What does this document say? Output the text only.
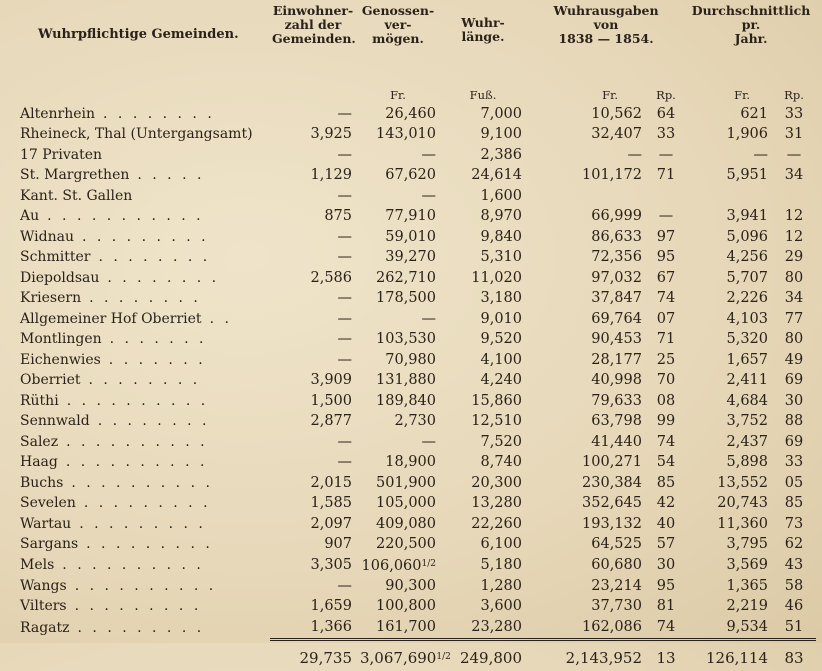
Wuhrpflichtige Gemeinden.	Einwohner-
zahl der
Gemeinden.	Genossen-
ver-
mögen.	Wuhr-
länge.	Wuhrausgaben
von
1838 — 1854.		Durchschnittlich
pr.
Jahr.	

		Fr.	Fuß.	Fr.	Rp.	Fr.	Rp.
Altenrhein . . . . . . . .	—	26,460	7,000	10,562	64	621	33
Rheineck, Thal (Untergangsamt)	3,925	143,010	9,100	32,407	33	1,906	31
17 Privaten	—	—	2,386	—	—	—	—
St. Margrethen . . . . .	1,129	67,620	24,614	101,172	71	5,951	34
Kant. St. Gallen	—	—	1,600				
Au . . . . . . . . . . .	875	77,910	8,970	66,999	—	3,941	12
Widnau . . . . . . . . .	—	59,010	9,840	86,633	97	5,096	12
Schmitter . . . . . . . .	—	39,270	5,310	72,356	95	4,256	29
Diepoldsau . . . . . . . .	2,586	262,710	11,020	97,032	67	5,707	80
Kriesern . . . . . . . .	—	178,500	3,180	37,847	74	2,226	34
Allgemeiner Hof Oberriet . .	—	—	9,010	69,764	07	4,103	77
Montlingen . . . . . . .	—	103,530	9,520	90,453	71	5,320	80
Eichenwies . . . . . . .	—	70,980	4,100	28,177	25	1,657	49
Oberriet . . . . . . . .	3,909	131,880	4,240	40,998	70	2,411	69
Rüthi . . . . . . . . . .	1,500	189,840	15,860	79,633	08	4,684	30
Sennwald . . . . . . . .	2,877	2,730	12,510	63,798	99	3,752	88
Salez . . . . . . . . . .	—	—	7,520	41,440	74	2,437	69
Haag . . . . . . . . . .	—	18,900	8,740	100,271	54	5,898	33
Buchs . . . . . . . . . .	2,015	501,900	20,300	230,384	85	13,552	05
Sevelen . . . . . . . . .	1,585	105,000	13,280	352,645	42	20,743	85
Wartau . . . . . . . . .	2,097	409,080	22,260	193,132	40	11,360	73
Sargans . . . . . . . . .	907	220,500	6,100	64,525	57	3,795	62
Mels . . . . . . . . . .	3,305	$106,060^{1/2}$	5,180	60,680	30	3,569	43
Wangs . . . . . . . . . .	—	90,300	1,280	23,214	95	1,365	58
Vilters . . . . . . . . .	1,659	100,800	3,600	37,730	81	2,219	46
Ragatz . . . . . . . . .	1,366	161,700	23,280	162,086	74	9,534	51
	29,735	$3,067,690^{1/2}$	249,800	2,143,952	13	126,114	83
